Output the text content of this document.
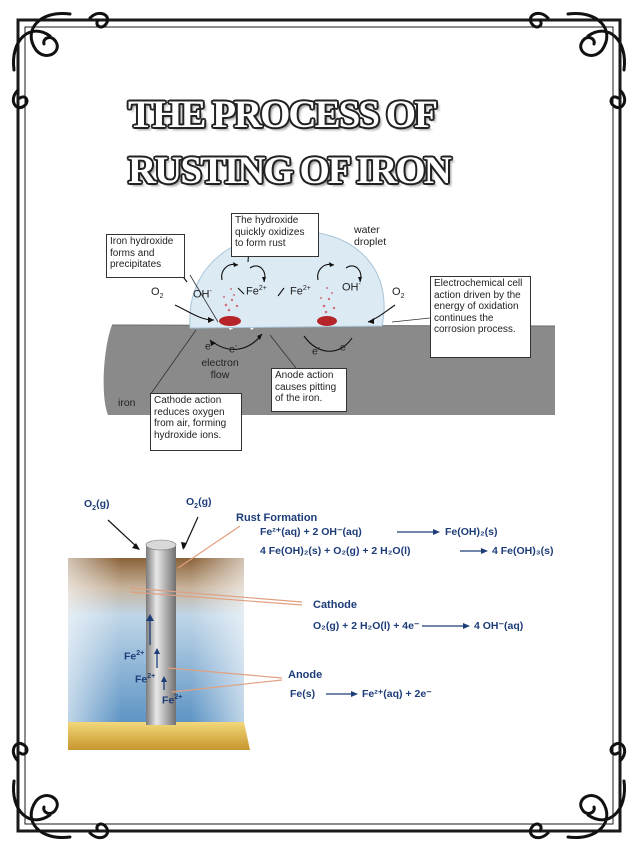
THE PROCESS OF
RUSTING OF IRON
Iron hydroxide forms and precipitates
The hydroxide quickly oxidizes to form rust
Electrochemical cell action driven by the energy of oxidation continues the corrosion process.
Anode action causes pitting of the iron.
Cathode action reduces oxygen from air, forming hydroxide ions.
water droplet
$O_2$	$O_2$
OH-	OH-
$Fe^{2+}$ $Fe^{2+}$
e- e-	e- e-
electron flow
iron
$O_2(g)$	$O_2(g)$
Rust Formation
Fe²⁺(aq) + 2 OH⁻(aq)	Fe(OH)₂(s)
4 Fe(OH)₂(s) + O₂(g) + 2 H₂O(l)	4 Fe(OH)₃(s)
Cathode
O₂(g) + 2 H₂O(l) + 4e⁻	4 OH⁻(aq)
Anode
Fe(s)	Fe²⁺(aq) + 2e⁻
$Fe^{2+}$
$Fe^{2+}$
$Fe^{2+}$
